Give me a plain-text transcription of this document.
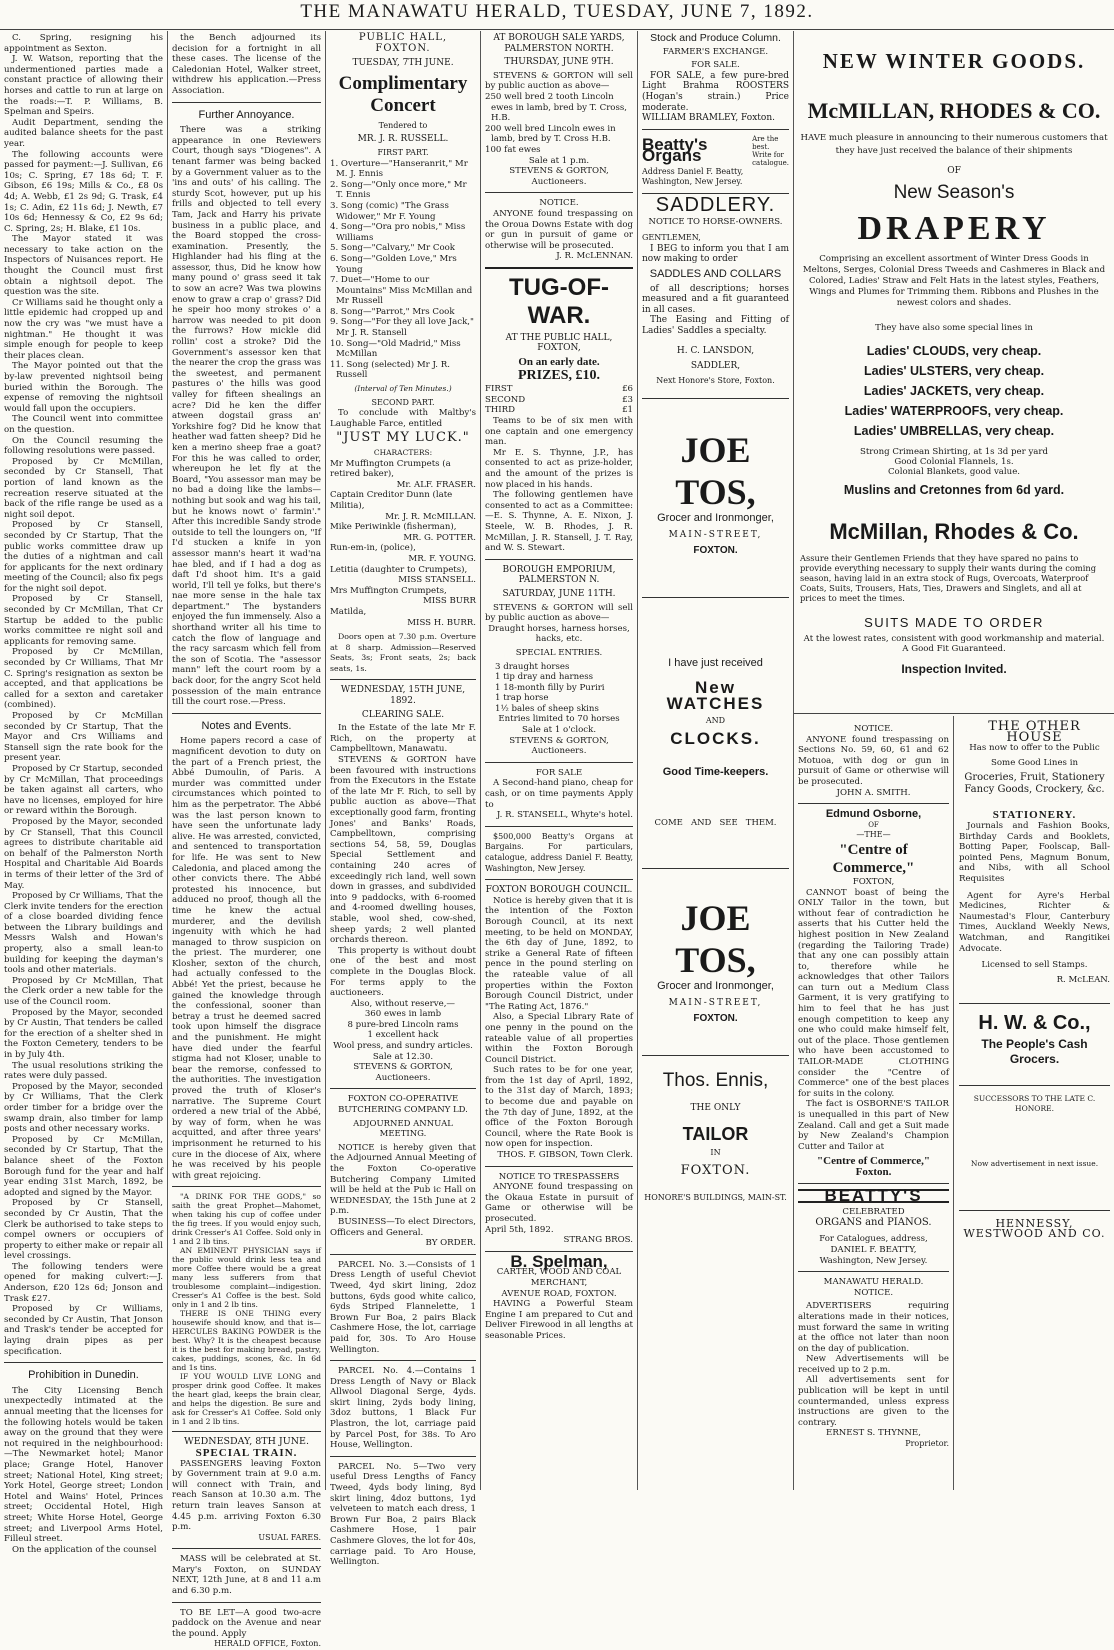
THE MANAWATU HERALD, TUESDAY, JUNE 7, 1892.

C. Spring, resigning his appointment as Sexton.

J. W. Watson, reporting that the undermentioned parties made a constant practice of allowing their horses and cattle to run at large on the roads:—T. P. Williams, B. Spelman and Speirs.

Audit Department, sending the audited balance sheets for the past year.

The following accounts were passed for payment:—J. Sullivan, £6 10s; C. Spring, £7 18s 6d; T. F. Gibson, £6 19s; Mills & Co., £8 0s 4d; A. Webb, £1 2s 9d; G. Trask, £4 1s; C. Adin, £2 11s 6d; J. Newth, £7 10s 6d; Hennessy & Co, £2 9s 6d; C. Spring, 2s; H. Blake, £1 10s.

The Mayor stated it was necessary to take action on the Inspectors of Nuisances report. He thought the Council must first obtain a nightsoil depot. The question was the site.

Cr Williams said he thought only a little epidemic had cropped up and now the cry was "we must have a nightman." He thought it was simple enough for people to keep their places clean.

The Mayor pointed out that the by-law prevented nightsoil being buried within the Borough. The expense of removing the nightsoil would fall upon the occupiers.

The Council went into committee on the question.

On the Council resuming the following resolutions were passed.

Proposed by Cr McMillan, seconded by Cr Stansell, That portion of land known as the recreation reserve situated at the back of the rifle range be used as a night soil depot.

Proposed by Cr Stansell, seconded by Cr Startup, That the public works committee draw up the duties of a nightman and call for applicants for the next ordinary meeting of the Council; also fix pegs for the night soil depot.

Proposed by Cr Stansell, seconded by Cr McMillan, That Cr Startup be added to the public works committee re night soil and applicants for removing same.

Proposed by Cr McMillan, seconded by Cr Williams, That Mr C. Spring's resignation as sexton be accepted, and that applications be called for a sexton and caretaker (combined).

Proposed by Cr McMillan seconded by Cr Startup, That the Mayor and Crs Williams and Stansell sign the rate book for the present year.

Proposed by Cr Startup, seconded by Cr McMillan, That proceedings be taken against all carters, who have no licenses, employed for hire or reward within the Borough.

Proposed by the Mayor, seconded by Cr Stansell, That this Council agrees to distribute charitable aid on behalf of the Palmerston North Hospital and Charitable Aid Boards in terms of their letter of the 3rd of May.

Proposed by Cr Williams, That the Clerk invite tenders for the erection of a close boarded dividing fence between the Library buildings and Messrs Walsh and Howan's property, also a small lean-to building for keeping the dayman's tools and other materials.

Proposed by Cr McMillan, That the Clerk order a new table for the use of the Council room.

Proposed by the Mayor, seconded by Cr Austin, That tenders be called for the erection of a shelter shed in the Foxton Cemetery, tenders to be in by July 4th.

The usual resolutions striking the rates were duly passed.

Proposed by the Mayor, seconded by Cr Williams, That the Clerk order timber for a bridge over the swamp drain, also timber for lamp posts and other necessary works.

Proposed by Cr McMillan, seconded by Cr Startup, That the balance sheet of the Foxton Borough fund for the year and half year ending 31st March, 1892, be adopted and signed by the Mayor.

Proposed by Cr Stansell, seconded by Cr Austin, That the Clerk be authorised to take steps to compel owners or occupiers of property to either make or repair all level crossings.

The following tenders were opened for making culvert:—J. Anderson, £20 12s 6d; Jonson and Trask £27.

Proposed by Cr Williams, seconded by Cr Austin, That Jonson and Trask's tender be accepted for laying drain pipes as per specification.

Prohibition in Dunedin.

The City Licensing Bench unexpectedly intimated at the annual meeting that the licenses for the following hotels would be taken away on the ground that they were not required in the neighbourhood:—The Newmarket hotel; Manor place; Grange Hotel, Hanover street; National Hotel, King street; York Hotel, George street; London Hotel and Wains' Hotel, Princes street; Occidental Hotel, High street; White Horse Hotel, George street; and Liverpool Arms Hotel, Filleul street.

On the application of the counsel

the Bench adjourned its decision for a fortnight in all these cases. The license of the Caledonian Hotel, Walker street, withdrew his application.—Press Association.

Further Annoyance.

There was a striking appearance in one Reviewers Court, though says "Diogenes". A tenant farmer was being backed by a Government valuer as to the 'ins and outs' of his calling. The sturdy Scot, however, put up his frills and objected to tell every Tam, Jack and Harry his private business in a public place, and the Board stopped the cross-examination. Presently, the Highlander had his fling at the assessor, thus, Did he know how many pound o' grass seed it tak to sow an acre? Was twa plowins enow to graw a crap o' grass? Did he speir hoo mony strokes o' a harrow was needed to pit doon the furrows? How mickle did rollin' cost a stroke? Did the Government's assessor ken that the nearer the crop the grass was the sweetest, and permanent pastures o' the hills was good valley for fifteen shealings an acre? Did he ken the differ atween dogstail grass an' Yorkshire fog? Did he know that heather wad fatten sheep? Did he ken a merino sheep frae a goat? For this he was called to order, whereupon he let fly at the Board, "You assessor man may be no bad a doing like the lambs—nothing but sook and wag his tail, but he knows nowt o' farmin'." After this incredible Sandy strode outside to tell the loungers on, "If I'd stucken a knife in yon assessor mann's heart it wad'na hae bled, and if I had a dog as daft I'd shoot him. It's a gaid world, I'll tell ye folks, but there's nae more sense in the hale tax department." The bystanders enjoyed the fun immensely. Also a shorthand writer all his time to catch the flow of language and the racy sarcasm which fell from the son of Scotia. The "assessor mann" left the court room by a back door, for the angry Scot held possession of the main entrance till the court rose.—Press.

Notes and Events.

Home papers record a case of magnificent devotion to duty on the part of a French priest, the Abbé Dumoulin, of Paris. A murder was committed under circumstances which pointed to him as the perpetrator. The Abbé was the last person known to have seen the unfortunate lady alive. He was arrested, convicted, and sentenced to transportation for life. He was sent to New Caledonia, and placed among the other convicts there. The Abbé protested his innocence, but adduced no proof, though all the time he knew the actual murderer, and the devilish ingenuity with which he had managed to throw suspicion on the priest. The murderer, one Klosher, sexton of the church, had actually confessed to the Abbé! Yet the priest, because he gained the knowledge through the confessional, sooner than betray a trust he deemed sacred took upon himself the disgrace and the punishment. He might have died under the fearful stigma had not Kloser, unable to bear the remorse, confessed to the authorities. The investigation proved the truth of Kloser's narrative. The Supreme Court ordered a new trial of the Abbé, by way of form, when he was acquitted, and after three years' imprisonment he returned to his cure in the diocese of Aix, where he was received by his people with great rejoicing.

"A DRINK FOR THE GODS," so saith the great Prophet—Mahomet, when taking his cup of coffee under the fig trees. If you would enjoy such, drink Cresser's A1 Coffee. Sold only in 1 and 2 lb tins.

AN EMINENT PHYSICIAN says if the public would drink less tea and more Coffee there would be a great many less sufferers from that troublesome complaint—indigestion. Cresser's A1 Coffee is the best. Sold only in 1 and 2 lb tins.

THERE IS ONE THING every housewife should know, and that is—HERCULES BAKING POWDER is the best. Why? It is the cheapest because it is the best for making bread, pastry, cakes, puddings, scones, &c. In 6d and 1s tins.

IF YOU WOULD LIVE LONG and prosper drink good Coffee. It makes the heart glad, keeps the brain clear, and helps the digestion. Be sure and ask for Cresser's A1 Coffee. Sold only in 1 and 2 lb tins.

WEDNESDAY, 8TH JUNE.
SPECIAL TRAIN.

PASSENGERS leaving Foxton by Government train at 9.0 a.m. will connect with Train, and reach Sanson at 10.30 a.m. The return train leaves Sanson at 4.45 p.m. arriving Foxton 6.30 p.m.

USUAL FARES.

MASS will be celebrated at St. Mary's Foxton, on SUNDAY NEXT, 12th June, at 8 and 11 a.m and 6.30 p.m.

TO BE LET—A good two-acre paddock on the Avenue and near the pound. Apply

HERALD OFFICE, Foxton.
PUBLIC HALL, FOXTON.
TUESDAY, 7TH JUNE.
Complimentary Concert
Tendered to
MR. J. R. RUSSELL.
FIRST PART.
1. Overture—"Hanseranrit," Mr M. J. Ennis
2. Song—"Only once more," Mr T. Ennis
3. Song (comic) "The Grass Widower," Mr F. Young
4. Song—"Ora pro nobis," Miss Williams
5. Song—"Calvary," Mr Cook
6. Song—"Golden Love," Mrs Young
7. Duet—"Home to our Mountains" Miss McMillan and Mr Russell
8. Song—"Parrot," Mrs Cook
9. Song—"For they all love Jack," Mr J. R. Stansell
10. Song—"Old Madrid," Miss McMillan
11. Song (selected) Mr J. R. Russell
(Interval of Ten Minutes.)
SECOND PART.

To conclude with Maltby's Laughable Farce, entitled

"JUST MY LUCK."
CHARACTERS:
Mr Muffington Crumpets (a retired baker),
Mr. ALF. FRASER.
Captain Creditor Dunn (late Militia),
Mr. J. R. McMILLAN.
Mike Periwinkle (fisherman),
MR. G. POTTER.
Run-em-in, (police),
MR. F. YOUNG.
Letitia (daughter to Crumpets),
MISS STANSELL.
Mrs Muffington Crumpets,
MISS BURR
Matilda,
MISS H. BURR.

Doors open at 7.30 p.m. Overture at 8 sharp. Admission—Reserved Seats, 3s; Front seats, 2s; back seats, 1s.

WEDNESDAY, 15TH JUNE, 1892.
CLEARING SALE.

In the Estate of the late Mr F. Rich, on the property at Campbelltown, Manawatu.

STEVENS & GORTON have been favoured with instructions from the Executors in the Estate of the late Mr F. Rich, to sell by public auction as above—That exceptionally good farm, fronting Jones' and Banks' Roads, Campbelltown, comprising sections 54, 58, 59, Douglas Special Settlement and containing 240 acres of exceedingly rich land, well sown down in grasses, and subdivided into 9 paddocks, with 6-roomed and 4-roomed dwelling houses, stable, wool shed, cow-shed, sheep yards; 2 well planted orchards thereon.

This property is without doubt one of the best and most complete in the Douglas Block. For terms apply to the auctioneers.

Also, without reserve,—
360 ewes in lamb
8 pure-bred Lincoln rams
1 excellent hack
Wool press, and sundry articles.
Sale at 12.30.
STEVENS & GORTON, Auctioneers.
FOXTON CO-OPERATIVE BUTCHERING COMPANY LD.
ADJOURNED ANNUAL MEETING.

NOTICE is hereby given that the Adjourned Annual Meeting of the Foxton Co-operative Butchering Company Limited will be held at the Pub ic Hall on WEDNESDAY, the 15th June at 2 p.m.

BUSINESS—To elect Directors, Officers and General.

BY ORDER.

PARCEL No. 3.—Consists of 1 Dress Length of useful Cheviot Tweed, 4yd skirt lining, 2doz buttons, 6yds good white calico, 6yds Striped Flannelette, 1 Brown Fur Boa, 2 pairs Black Cashmere Hose, the lot, carriage paid for, 30s. To Aro House Wellington.

PARCEL No. 4.—Contains 1 Dress Length of Navy or Black Allwool Diagonal Serge, 4yds. skirt lining, 2yds body lining, 3doz buttons, 1 Black Fur Plastron, the lot, carriage paid by Parcel Post, for 38s. To Aro House, Wellington.

PARCEL No. 5—Two very useful Dress Lengths of Fancy Tweed, 4yds body lining, 8yd skirt lining, 4doz buttons, 1yd velveteen to match each dress, 1 Brown Fur Boa, 2 pairs Black Cashmere Hose, 1 pair Cashmere Gloves, the lot for 40s, carriage paid. To Aro House, Wellington.

AT BOROUGH SALE YARDS, PALMERSTON NORTH.
THURSDAY, JUNE 9TH.

STEVENS & GORTON will sell by public auction as above—

250 well bred 2 tooth Lincoln ewes in lamb, bred by T. Cross, H.B.
200 well bred Lincoln ewes in lamb, bred by T. Cross H.B.
100 fat ewes
Sale at 1 p.m.
STEVENS & GORTON, Auctioneers.
NOTICE.

ANYONE found trespassing on the Oroua Downs Estate with dog or gun in pursuit of game or otherwise will be prosecuted.

J. R. McLENNAN.
TUG-OF-WAR.
AT THE PUBLIC HALL, FOXTON,
On an early date.
PRIZES, £10.
FIRST	£6
SECOND	£3
THIRD	£1

Teams to be of six men with one captain and one emergency man.

Mr E. S. Thynne, J.P., has consented to act as prize-holder, and the amount of the prizes is now placed in his hands.

The following gentlemen have consented to act as a Committee:—E. S. Thynne, A. E. Nixon, J. Steele, W. B. Rhodes, J. R. McMillan, J. R. Stansell, J. T. Ray, and W. S. Stewart.

BOROUGH EMPORIUM, PALMERSTON N.
SATURDAY, JUNE 11TH.

STEVENS & GORTON will sell by public auction as above—

Draught horses, harness horses, hacks, etc.
SPECIAL ENTRIES.
3 draught horses
1 tip dray and harness
1 18-month filly by Puriri
1 trap horse
1½ bales of sheep skins
Entries limited to 70 horses
Sale at 1 o'clock.
STEVENS & GORTON, Auctioneers.
FOR SALE

A Second-hand piano, cheap for cash, or on time payments Apply to

J. R. STANSELL, Whyte's hotel.

$500,000 Beatty's Organs at Bargains. For particulars, catalogue, address Daniel F. Beatty, Washington, New Jersey.

FOXTON BOROUGH COUNCIL.

Notice is hereby given that it is the intention of the Foxton Borough Council, at its next meeting, to be held on MONDAY, the 6th day of June, 1892, to strike a General Rate of fifteen pence in the pound sterling on the rateable value of all properties within the Foxton Borough Council District, under "The Rating Act, 1876."

Also, a Special Library Rate of one penny in the pound on the rateable value of all properties within the Foxton Borough Council District.

Such rates to be for one year, from the 1st day of April, 1892, to the 31st day of March, 1893; to become due and payable on the 7th day of June, 1892, at the office of the Foxton Borough Council, where the Rate Book is now open for inspection.

THOS. F. GIBSON, Town Clerk.
NOTICE TO TRESPASSERS

ANYONE found trespassing on the Okaua Estate in pursuit of Game or otherwise will be prosecuted.

April 5th, 1892.
STRANG BROS.
B. Spelman,
CARTER, WOOD AND COAL MERCHANT,
AVENUE ROAD, FOXTON.

HAVING a Powerful Steam Engine I am prepared to Cut and Deliver Firewood in all lengths at seasonable Prices.

Stock and Produce Column.
FARMER'S EXCHANGE.
FOR SALE.

FOR SALE, a few pure-bred Light Brahma ROOSTERS (Hogan's strain.) Price moderate.

WILLIAM BRAMLEY, Foxton.
Beatty's Organs
Are the best. Write for catalogue.
Address Daniel F. Beatty, Washington, New Jersey.
SADDLERY.
NOTICE TO HORSE-OWNERS.
GENTLEMEN,

I BEG to inform you that I am now making to order

SADDLES AND COLLARS

of all descriptions; horses measured and a fit guaranteed in all cases.

The Easing and Fitting of Ladies' Saddles a specialty.

H. C. LANSDON,
SADDLER,
Next Honore's Store, Foxton.
JOE TOS,
Grocer and Ironmonger,
MAIN-STREET,
FOXTON.
I have just received
New
WATCHES
AND
CLOCKS.
Good Time-keepers.
COME   AND   SEE   THEM.
JOE TOS,
Grocer and Ironmonger,
MAIN-STREET,
FOXTON.
Thos. Ennis,
THE ONLY
TAILOR
IN
FOXTON.
HONORE'S BUILDINGS, MAIN-ST.
NEW WINTER GOODS.
McMILLAN, RHODES & CO.

HAVE much pleasure in announcing to their numerous customers that they have just received the balance of their shipments

OF
New Season's
DRAPERY

Comprising an excellent assortment of Winter Dress Goods in Meltons, Serges, Colonial Dress Tweeds and Cashmeres in Black and Colored, Ladies' Straw and Felt Hats in the latest styles, Feathers, Wings and Plumes for Trimming them. Ribbons and Plushes in the newest colors and shades.

They have also some special lines in
Ladies' CLOUDS, very cheap.
Ladies' ULSTERS, very cheap.
Ladies' JACKETS, very cheap.
Ladies' WATERPROOFS, very cheap.
Ladies' UMBRELLAS, very cheap.
Strong Crimean Shirting, at 1s 3d per yard
Good Colonial Flannels, 1s.
Colonial Blankets, good value.
Muslins and Cretonnes from 6d yard.
McMillan, Rhodes & Co.

Assure their Gentlemen Friends that they have spared no pains to provide everything necessary to supply their wants during the coming season, having laid in an extra stock of Rugs, Overcoats, Waterproof Coats, Suits, Trousers, Hats, Ties, Drawers and Singlets, and all at prices to meet the times.

SUITS MADE TO ORDER

At the lowest rates, consistent with good workmanship and material. A Good Fit Guaranteed.

Inspection Invited.
NOTICE.

ANYONE found trespassing on Sections No. 59, 60, 61 and 62 Motuoa, with dog or gun in pursuit of Game or otherwise will be prosecuted.

JOHN A. SMITH.
Edmund Osborne,
OF
—THE—
"Centre of Commerce,"
FOXTON,

CANNOT boast of being the ONLY Tailor in the town, but without fear of contradiction he asserts that his Cutter held the highest position in New Zealand (regarding the Tailoring Trade) that any one can possibly attain to, therefore while he acknowledges that other Tailors can turn out a Medium Class Garment, it is very gratifying to him to feel that he has just enough competition to keep any one who could make himself felt, out of the place. Those gentlemen who have been accustomed to TAILOR-MADE CLOTHING consider the "Centre of Commerce" one of the best places for suits in the colony.

The fact is OSBORNE'S TAILOR is unequalled in this part of New Zealand. Call and get a Suit made by New Zealand's Champion Cutter and Tailor at

"Centre of Commerce," Foxton.
BEATTY'S
CELEBRATED
ORGANS and PIANOS.
For Catalogues, address,
DANIEL F. BEATTY,
Washington, New Jersey.
MANAWATU HERALD.
NOTICE.

ADVERTISERS requiring alterations made in their notices, must forward the same in writing at the office not later than noon on the day of publication.

New Advertisements will be received up to 2 p.m.

All advertisements sent for publication will be kept in until countermanded, unless express instructions are given to the contrary.

ERNEST S. THYNNE,
Proprietor.
THE OTHER HOUSE
Has now to offer to the Public
Some Good Lines in
Groceries, Fruit, Stationery Fancy Goods, Crockery, &c.
STATIONERY.

Journals and Fashion Books, Birthday Cards and Booklets, Botting Paper, Foolscap, Ball-pointed Pens, Magnum Bonum, and Nibs, with all School Requisites

Agent for Ayre's Herbal Medicines, Richter & Naumestad's Flour, Canterbury Times, Auckland Weekly News, Watchman, and Rangitikei Advocate.

Licensed to sell Stamps.
R. McLEAN.
H. W. & Co.,
The People's Cash Grocers.
SUCCESSORS TO THE LATE C. HONORE.
Now advertisement in next issue.
HENNESSY, WESTWOOD AND CO.
